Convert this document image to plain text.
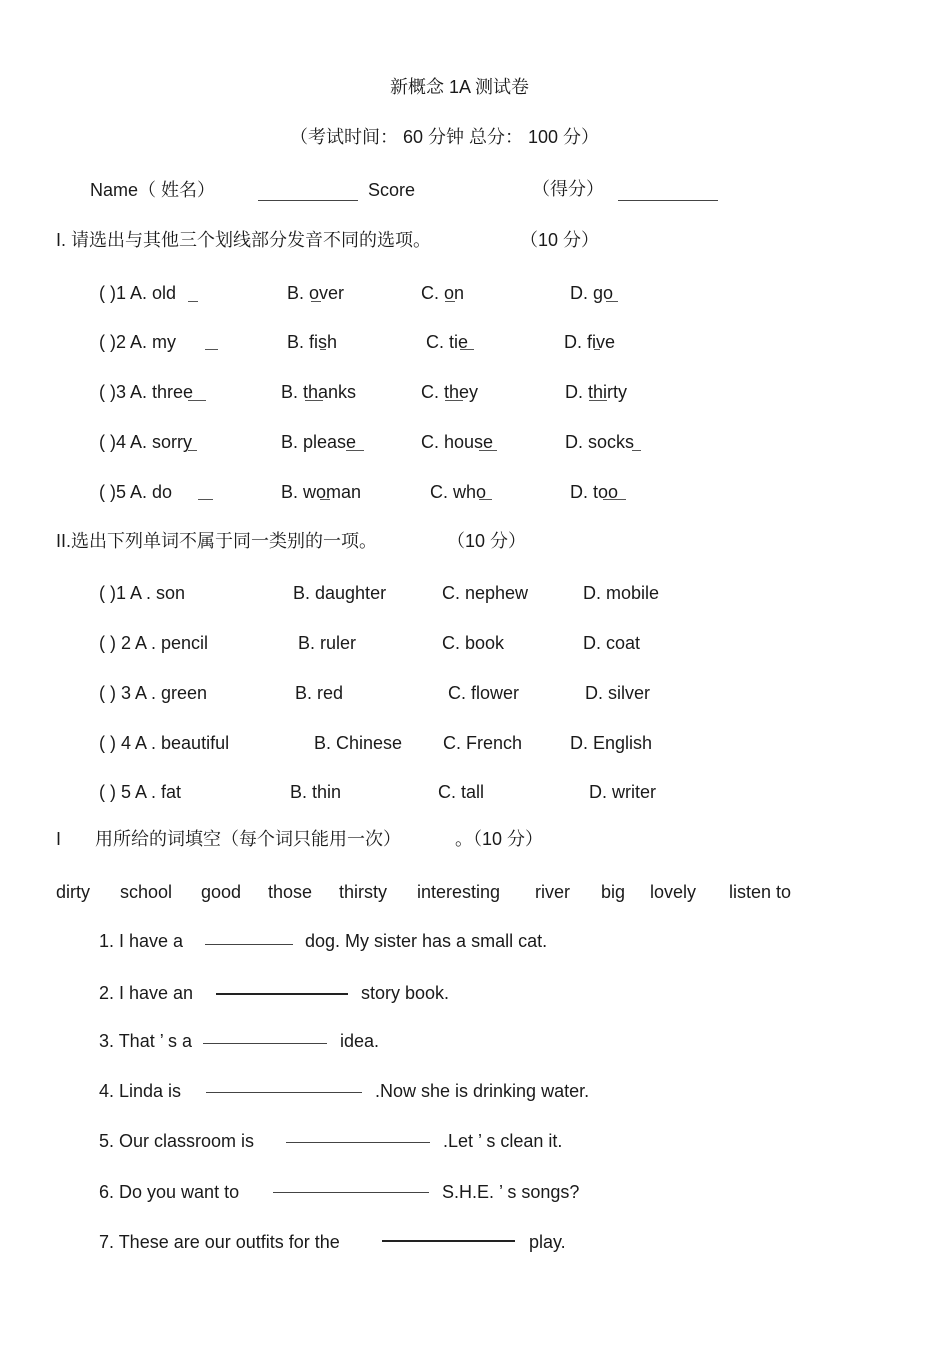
新概念 1A 测试卷
（考试时间： 60 分钟 总分： 100 分）
Name（ 姓名）	Score	（得分）
I. 请选出与其他三个划线部分发音不同的选项。	（10 分）
( )1 A. old	B. over	C. on	D. go
( )2 A. my	B. fish	C. tie	D. five
( )3 A. three	B. thanks	C. they	D. thirty
( )4 A. sorry	B. please	C. house	D. socks
( )5 A. do	B. woman	C. who	D. too
II.选出下列单词不属于同一类别的一项。	（10 分）
( )1 A . son	B. daughter	C. nephew	D. mobile
( ) 2 A . pencil	B. ruler	C. book	D. coat
( ) 3 A . green	B. red	C. flower	D. silver
( ) 4 A . beautiful	B. Chinese C. French	D. English
( ) 5 A . fat	B. thin	C. tall	D. writer
I 用所给的词填空（每个词只能用一次）	。（10 分）
dirty school good those thirsty interesting river big lovely listen to
1. I have a	dog. My sister has a small cat.
2. I have an	story book.
3. That ’ s a	idea.
4. Linda is	.Now she is drinking water.
5. Our classroom is	.Let ’ s clean it.
6. Do you want to	S.H.E. ’ s songs?
7. These are our outfits for the	play.
